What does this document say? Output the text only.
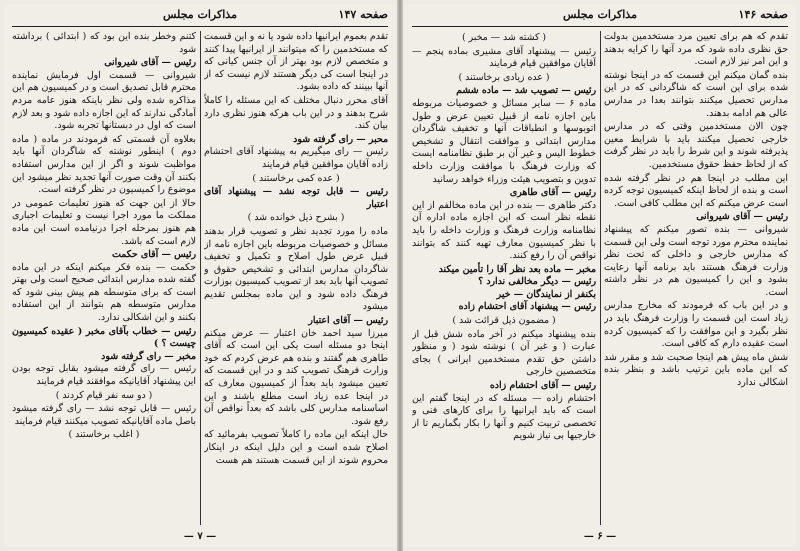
مذاکرات مجلس	صفحه ۱۴۷

تقدم بعموم ایرانیها داده شود یا نه و این قسمت که مستخدمین را که میتوانند از ایرانیها پیدا کنند و متخصص لازم بود بهتر از آن جنس کیانی که در اینجا است کی دیگر هستند لازم نیست که از آنها ببینند که داده بشود.

آقای محرر دنبال مختلف که این مسئله را کاملاً شرح بدهند و در این باب هرکه هنوز نظری دارد بیان کند.

محبر — رای گرفته شود

رئیس — رای میگیریم به پیشنهاد آقای احتشام زاده آقایان موافقین قیام فرمایند

( عده کمی برخاستند )
رئیس — قابل توجه نشد — پیشنهاد آقای اعتبار
( بشرح ذیل خوانده شد )

ماده را مورد تجدید نظر و تصویب قرار بدهند مسائل و خصوصیات مربوطه باین اجازه نامه از قبیل عرض طول اصلاح و تکمیل و تخفیف شاگردان مدارس ابتدائی و تشخیص حقوق و تصویب آنها باید بعد از تصویب کمیسیون بوزارت فرهنگ داده شود و این ماده بمجلس تقدیم میشود

رئیس — آقای اعتبار

میرزا سید احمد خان اعتبار — عرض میکنم اینجا دو مسئله است یکی این است که آقای طاهری هم گفتند و بنده هم عرض کردم که خود وزارت فرهنگ تصویب کند و در این قسمت که تعیین میشود باید بعداً از کمیسیون معارف که در اینجا عده زیاد است مطلع باشند و این اساسنامه مدارس کلی باشد که بعداً نواقص آن رفع شود.

حال اینکه این ماده را کاملاً تصویب بفرمائید که اصلاح شده است و این دلیل اینکه در اینکار محروم شوند از این قسمت هستند هم هست

کتنم وخطر بنده این بود که ( ابتدائی ) برداشته شود

رئیس — آقای شیروانی

شیروانی — قسمت اول فرمایش نماینده محترم قابل تصدیق است و در کمیسیون هم این مذاکره شده ولی نظر باینکه هنوز عامه مردم آمادگی ندارند که این اجازه داده شود و بعد لازم است که اول در دبستانها تجربه شود.

بعلاوه آن قسمتی که فرمودند در ماده ( ماده دوم ) اینطور نوشته که شاگردان آنها باید مواظبت شوند و اگر از این مدارس استفاده بکنند آن وقت صورت آنها تجدید نظر میشود این موضوع را کمیسیون در نظر گرفته است.

حالا از این جهت که هنوز تعلیمات عمومی در مملکت ما مورد اجرا نیست و تعلیمات اجباری هم هنوز بمرحله اجرا درنیامده است این ماده لازم است که باشد.

رئیس — آقای حکمت

حکمت — بنده فکر میکنم اینکه در این ماده گفته شده مدارس ابتدائی صحیح است ولی بهتر است که برای متوسطه هم پیش بینی شود که مدارس متوسطه هم بتوانند از این استفاده بکنند و این اشکالی ندارد.

رئیس — خطاب بآقای مخبر ( عقیده کمیسیون چیست ؟ )
مخبر — رای گرفته شود

رئیس — رای گرفته میشود بقابل توجه بودن این پیشنهاد آقایانیکه موافقند قیام فرمایند

( دو سه نفر قیام کردند )

رئیس — قابل توجه نشد — رای گرفته میشود باصل ماده آقایانیکه تصویب میکنند قیام فرمایند

( اغلب برخاستند )
— ۷ —
مذاکرات مجلس	صفحه ۱۴۶

تقدم که هم برای تعیین مرد مستخدمین بدولت حق نظری داده شود که مرد آنها را کرایه بدهند و این امر نیز لازم است.

بنده گمان میکنم این قسمت که در اینجا نوشته شده برای این است که شاگردانی که در این مدارس تحصیل میکنند بتوانند بعدا در مدارس عالی هم ادامه بدهند.

چون الان مستخدمین وقتی که در مدارس خارجی تحصیل میکنند باید با شرایط معین پذیرفته شوند و این شرط را باید در نظر گرفت که از لحاظ حفظ حقوق مستخدمین.

این مطلب در اینجا هم در نظر گرفته شده است و بنده از لحاظ اینکه کمیسیون توجه کرده است عرض میکنم که این مطلب کافی است.

رئیس — آقای شیروانی

شیروانی — بنده تصور میکنم که پیشنهاد نماینده محترم مورد توجه است ولی این قسمت که مدارس خارجی و داخلی که تحت نظر وزارت فرهنگ هستند باید برنامه آنها رعایت بشود و این را کمیسیون هم در نظر داشته است.

و در این باب که فرمودند که مخارج مدارس زیاد است این قسمت را وزارت فرهنگ باید در نظر بگیرد و این موافقت را که کمیسیون کرده است عقیده دارم که کافی است.

شش ماه پیش هم اینجا صحبت شد و مقرر شد که این ماده باین ترتیب باشد و بنظر بنده اشکالی ندارد

( کشته شد — مخبر )

رئیس — پیشنهاد آقای مشیری بماده پنجم — آقایان موافقین قیام فرمایند

( عده زیادی برخاستند )
رئیس — تصویب شد — ماده ششم

ماده ۶ — سایر مسائل و خصوصیات مربوطه باین اجازه نامه از قبیل تعیین عرض و طول اتوبوسها و انطباقات آنها و تخفیف شاگردان مدارس ابتدائی و موافقت انتقال و تشخیص خطوط الیس و غیر آن بر طبق نظامنامه ایست که وزارت فرهنگ با موافقت وزارت داخله تدوین و بتصویب هیئت وزراء خواهد رسانید

رئیس — آقای طاهری

دکتر طاهری — بنده در این ماده مخالفم از این نقطه نظر است که این اجازه ماده اداره آن نظامنامه وزارت فرهنگ و وزارت داخله را باید با نظر کمیسیون معارف تهیه کنند که بتوانند نواقص آن را رفع کنند.

مخبر — ماده بعد نظر آقا را تأمین میکند
رئیس — دیگر مخالفی ندارد ؟
بکنفر از نمایندگان — خیر
رئیس — پیشنهاد آقای احتشام زاده
( مضمون ذیل قرائت شد )

بنده پیشنهاد میکنم در آخر ماده شش قبل از عبارت ( و غیر آن ) نوشته شود ( و منظور داشتن حق تقدم مستخدمین ایرانی ) بجای متخصصین خارجی

رئیس — آقای احتشام زاده

احتشام زاده — مسئله که در اینجا گفتم این است که باید ایرانیها را برای کارهای فنی و تخصصی تربیت کنیم و آنها را بکار بگماریم تا از خارجیها بی نیاز شویم

— ۶ —
